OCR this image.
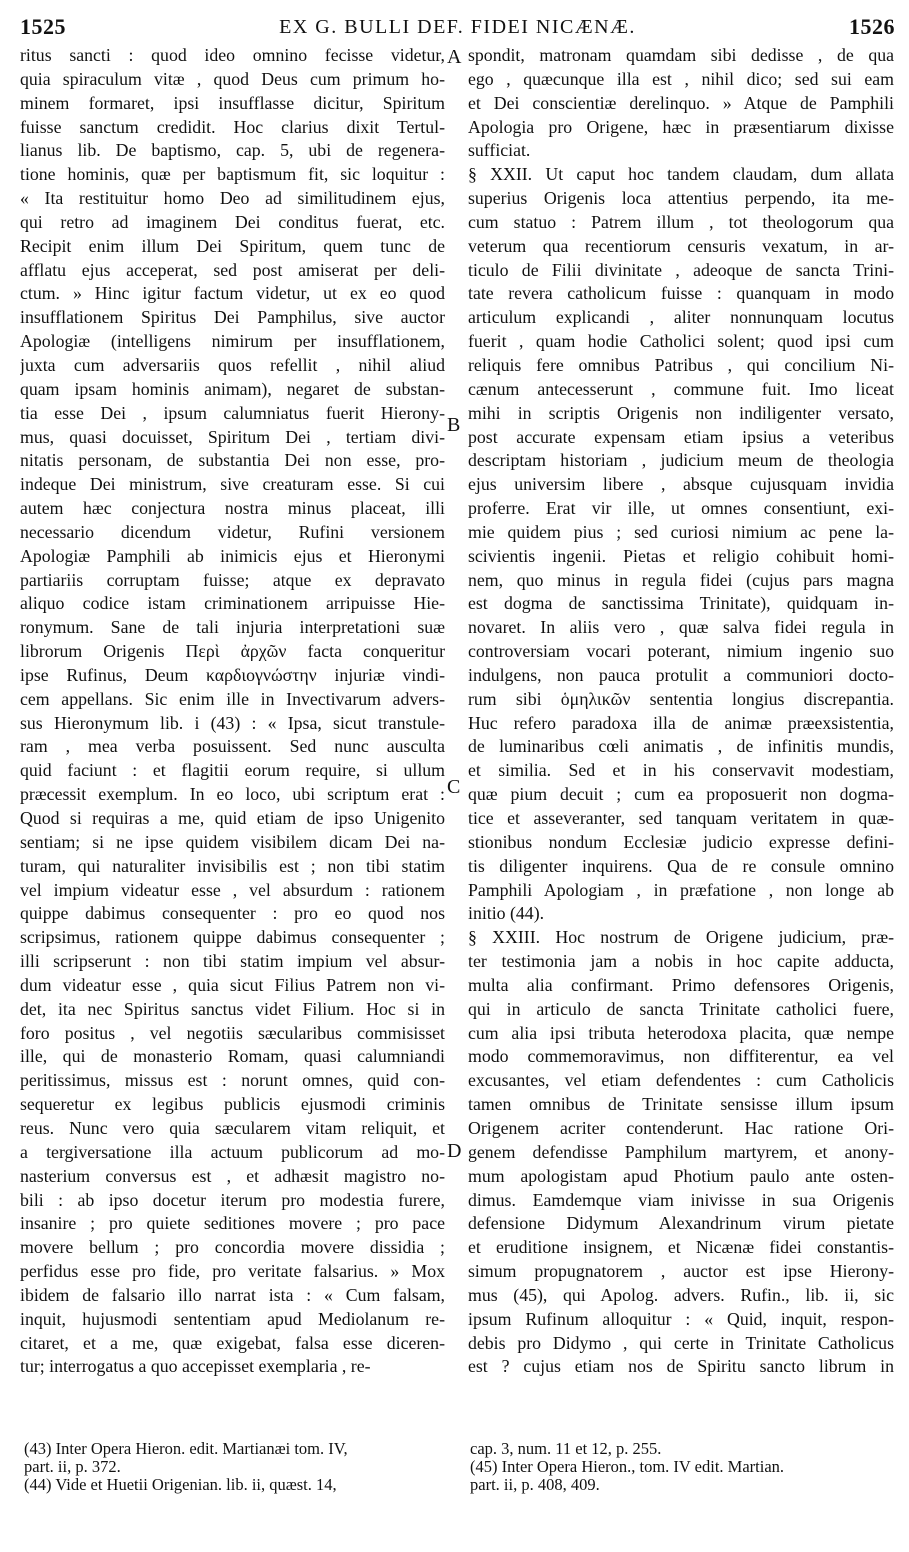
1525	EX G. BULLI DEF. FIDEI NICÆNÆ.	1526
ritus sancti : quod ideo omnino fecisse videtur,
quia spiraculum vitæ , quod Deus cum primum ho-
minem formaret, ipsi insufflasse dicitur, Spiritum
fuisse sanctum credidit. Hoc clarius dixit Tertul-
lianus lib. De baptismo, cap. 5, ubi de regenera-
tione hominis, quæ per baptismum fit, sic loquitur :
« Ita restituitur homo Deo ad similitudinem ejus,
qui retro ad imaginem Dei conditus fuerat, etc.
Recipit enim illum Dei Spiritum, quem tunc de
afflatu ejus acceperat, sed post amiserat per deli-
ctum. » Hinc igitur factum videtur, ut ex eo quod
insufflationem Spiritus Dei Pamphilus, sive auctor
Apologiæ (intelligens nimirum per insufflationem,
juxta cum adversariis quos refellit , nihil aliud
quam ipsam hominis animam), negaret de substan-
tia esse Dei , ipsum calumniatus fuerit Hierony-
mus, quasi docuisset, Spiritum Dei , tertiam divi-
nitatis personam, de substantia Dei non esse, pro-
indeque Dei ministrum, sive creaturam esse. Si cui
autem hæc conjectura nostra minus placeat, illi
necessario dicendum videtur, Rufini versionem
Apologiæ Pamphili ab inimicis ejus et Hieronymi
partiariis corruptam fuisse; atque ex depravato
aliquo codice istam criminationem arripuisse Hie-
ronymum. Sane de tali injuria interpretationi suæ
librorum Origenis Περὶ ἀρχῶν facta conqueritur
ipse Rufinus, Deum καρδιογνώστην injuriæ vindi-
cem appellans. Sic enim ille in Invectivarum advers-
sus Hieronymum lib. i (43) : « Ipsa, sicut transtule-
ram , mea verba posuissent. Sed nunc ausculta
quid faciunt : et flagitii eorum require, si ullum
præcessit exemplum. In eo loco, ubi scriptum erat :
Quod si requiras a me, quid etiam de ipso Unigenito
sentiam; si ne ipse quidem visibilem dicam Dei na-
turam, qui naturaliter invisibilis est ; non tibi statim
vel impium videatur esse , vel absurdum : rationem
quippe dabimus consequenter : pro eo quod nos
scripsimus, rationem quippe dabimus consequenter ;
illi scripserunt : non tibi statim impium vel absur-
dum videatur esse , quia sicut Filius Patrem non vi-
det, ita nec Spiritus sanctus videt Filium. Hoc si in
foro positus , vel negotiis sæcularibus commisisset
ille, qui de monasterio Romam, quasi calumniandi
peritissimus, missus est : norunt omnes, quid con-
sequeretur ex legibus publicis ejusmodi criminis
reus. Nunc vero quia sæcularem vitam reliquit, et
a tergiversatione illa actuum publicorum ad mo-
nasterium conversus est , et adhæsit magistro no-
bili : ab ipso docetur iterum pro modestia furere,
insanire ; pro quiete seditiones movere ; pro pace
movere bellum ; pro concordia movere dissidia ;
perfidus esse pro fide, pro veritate falsarius. » Mox
ibidem de falsario illo narrat ista : « Cum falsam,
inquit, hujusmodi sententiam apud Mediolanum re-
citaret, et a me, quæ exigebat, falsa esse diceren-
tur; interrogatus a quo accepisset exemplaria , re-
spondit, matronam quamdam sibi dedisse , de qua
ego , quæcunque illa est , nihil dico; sed sui eam
et Dei conscientiæ derelinquo. » Atque de Pamphili
Apologia pro Origene, hæc in præsentiarum dixisse
sufficiat.
§ XXII. Ut caput hoc tandem claudam, dum allata
superius Origenis loca attentius perpendo, ita me-
cum statuo : Patrem illum , tot theologorum qua
veterum qua recentiorum censuris vexatum, in ar-
ticulo de Filii divinitate , adeoque de sancta Trini-
tate revera catholicum fuisse : quanquam in modo
articulum explicandi , aliter nonnunquam locutus
fuerit , quam hodie Catholici solent; quod ipsi cum
reliquis fere omnibus Patribus , qui concilium Ni-
cænum antecesserunt , commune fuit. Imo liceat
mihi in scriptis Origenis non indiligenter versato,
post accurate expensam etiam ipsius a veteribus
descriptam historiam , judicium meum de theologia
ejus universim libere , absque cujusquam invidia
proferre. Erat vir ille, ut omnes consentiunt, exi-
mie quidem pius ; sed curiosi nimium ac pene la-
scivientis ingenii. Pietas et religio cohibuit homi-
nem, quo minus in regula fidei (cujus pars magna
est dogma de sanctissima Trinitate), quidquam in-
novaret. In aliis vero , quæ salva fidei regula in
controversiam vocari poterant, nimium ingenio suo
indulgens, non pauca protulit a communiori docto-
rum sibi ὁμηλικῶν sententia longius discrepantia.
Huc refero paradoxa illa de animæ præexsistentia,
de luminaribus cœli animatis , de infinitis mundis,
et similia. Sed et in his conservavit modestiam,
quæ pium decuit ; cum ea proposuerit non dogma-
tice et asseveranter, sed tanquam veritatem in quæ-
stionibus nondum Ecclesiæ judicio expresse defini-
tis diligenter inquirens. Qua de re consule omnino
Pamphili Apologiam , in præfatione , non longe ab
initio (44).
§ XXIII. Hoc nostrum de Origene judicium, præ-
ter testimonia jam a nobis in hoc capite adducta,
multa alia confirmant. Primo defensores Origenis,
qui in articulo de sancta Trinitate catholici fuere,
cum alia ipsi tributa heterodoxa placita, quæ nempe
modo commemoravimus, non diffiterentur, ea vel
excusantes, vel etiam defendentes : cum Catholicis
tamen omnibus de Trinitate sensisse illum ipsum
Origenem acriter contenderunt. Hac ratione Ori-
genem defendisse Pamphilum martyrem, et anony-
mum apologistam apud Photium paulo ante osten-
dimus. Eamdemque viam inivisse in sua Origenis
defensione Didymum Alexandrinum virum pietate
et eruditione insignem, et Nicænæ fidei constantis-
simum propugnatorem , auctor est ipse Hierony-
mus (45), qui Apolog. advers. Rufin., lib. ii, sic
ipsum Rufinum alloquitur : « Quid, inquit, respon-
debis pro Didymo , qui certe in Trinitate Catholicus
est ? cujus etiam nos de Spiritu sancto librum in
A
B
C
D
(43) Inter Opera Hieron. edit. Martianæi tom. IV,
part. ii, p. 372.
(44) Vide et Huetii Origenian. lib. ii, quæst. 14,
cap. 3, num. 11 et 12, p. 255.
(45) Inter Opera Hieron., tom. IV edit. Martian.
part. ii, p. 408, 409.
